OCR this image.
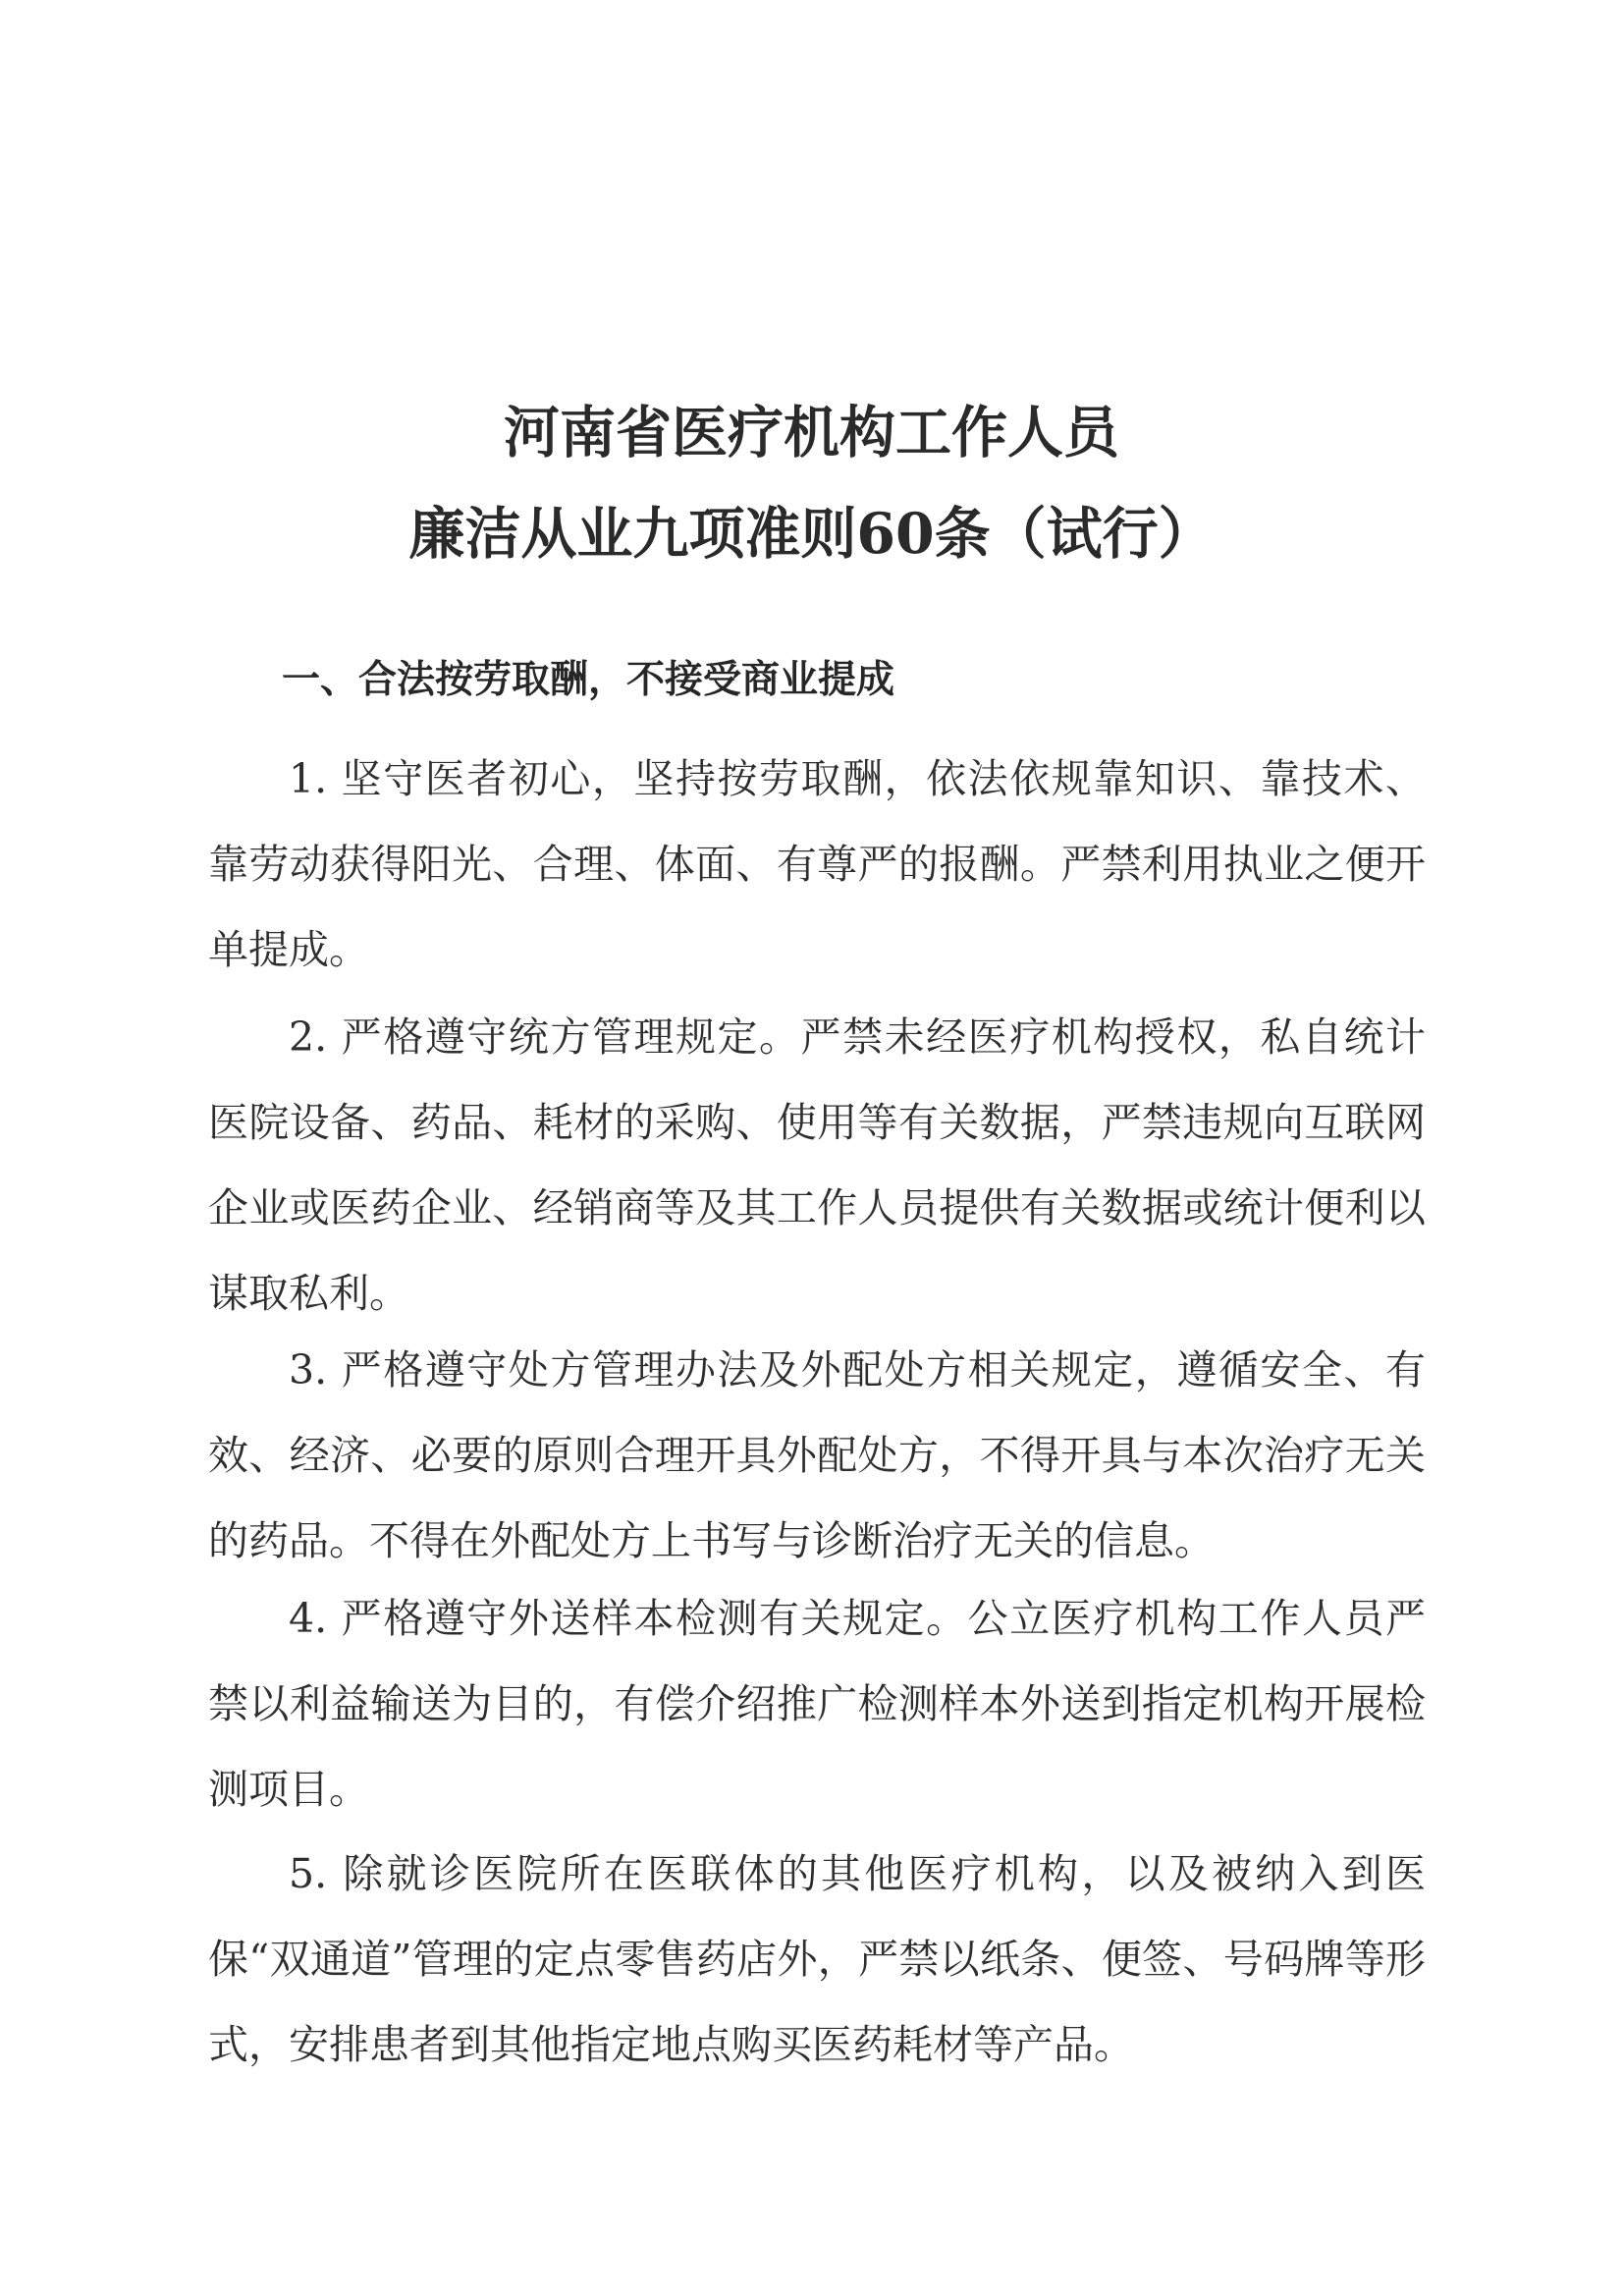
河南省医疗机构工作人员
廉洁从业九项准则60条（试行）
一、合法按劳取酬，不接受商业提成

1. 坚守医者初心，坚持按劳取酬，依法依规靠知识、靠技术、靠劳动获得阳光、合理、体面、有尊严的报酬。严禁利用执业之便开单提成。

2. 严格遵守统方管理规定。严禁未经医疗机构授权，私自统计医院设备、药品、耗材的采购、使用等有关数据，严禁违规向互联网企业或医药企业、经销商等及其工作人员提供有关数据或统计便利以谋取私利。

3. 严格遵守处方管理办法及外配处方相关规定，遵循安全、有效、经济、必要的原则合理开具外配处方，不得开具与本次治疗无关的药品。不得在外配处方上书写与诊断治疗无关的信息。

4. 严格遵守外送样本检测有关规定。公立医疗机构工作人员严禁以利益输送为目的，有偿介绍推广检测样本外送到指定机构开展检测项目。

5. 除就诊医院所在医联体的其他医疗机构，以及被纳入到医保“双通道”管理的定点零售药店外，严禁以纸条、便签、号码牌等形式，安排患者到其他指定地点购买医药耗材等产品。
